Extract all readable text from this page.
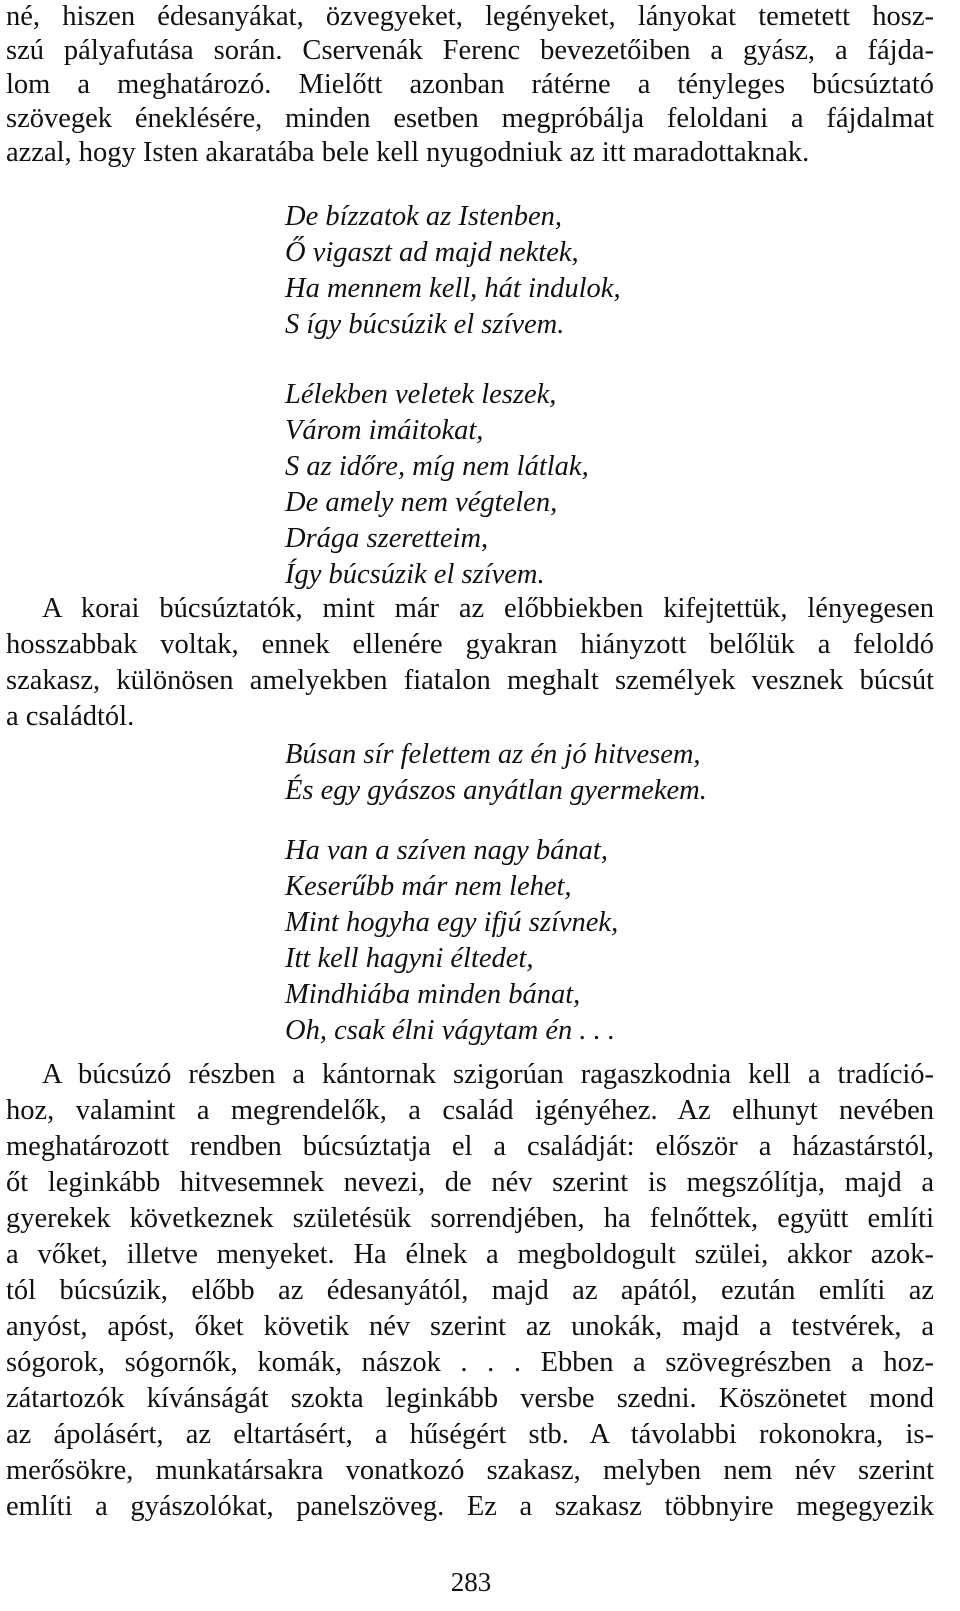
né, hiszen édesanyákat, özvegyeket, legényeket, lányokat temetett hosz-
szú pályafutása során. Cservenák Ferenc bevezetőiben a gyász, a fájda-
lom a meghatározó. Mielőtt azonban rátérne a tényleges búcsúztató
szövegek éneklésére, minden esetben megpróbálja feloldani a fájdalmat
azzal, hogy Isten akaratába bele kell nyugodniuk az itt maradottaknak.
De bízzatok az Istenben,
Ő vigaszt ad majd nektek,
Ha mennem kell, hát indulok,
S így búcsúzik el szívem.
Lélekben veletek leszek,
Várom imáitokat,
S az időre, míg nem látlak,
De amely nem végtelen,
Drága szeretteim,
Így búcsúzik el szívem.
A korai búcsúztatók, mint már az előbbiekben kifejtettük, lényegesen
hosszabbak voltak, ennek ellenére gyakran hiányzott belőlük a feloldó
szakasz, különösen amelyekben fiatalon meghalt személyek vesznek búcsút
a családtól.
Búsan sír felettem az én jó hitvesem,
És egy gyászos anyátlan gyermekem.
Ha van a szíven nagy bánat,
Keserűbb már nem lehet,
Mint hogyha egy ifjú szívnek,
Itt kell hagyni éltedet,
Mindhiába minden bánat,
Oh, csak élni vágytam én . . .
A búcsúzó részben a kántornak szigorúan ragaszkodnia kell a tradíció-
hoz, valamint a megrendelők, a család igényéhez. Az elhunyt nevében
meghatározott rendben búcsúztatja el a családját: először a házastárstól,
őt leginkább hitvesemnek nevezi, de név szerint is megszólítja, majd a
gyerekek következnek születésük sorrendjében, ha felnőttek, együtt említi
a vőket, illetve menyeket. Ha élnek a megboldogult szülei, akkor azok-
tól búcsúzik, előbb az édesanyától, majd az apától, ezután említi az
anyóst, apóst, őket követik név szerint az unokák, majd a testvérek, a
sógorok, sógornők, komák, nászok . . . Ebben a szövegrészben a hoz-
zátartozók kívánságát szokta leginkább versbe szedni. Köszönetet mond
az ápolásért, az eltartásért, a hűségért stb. A távolabbi rokonokra, is-
merősökre, munkatársakra vonatkozó szakasz, melyben nem név szerint
említi a gyászolókat, panelszöveg. Ez a szakasz többnyire megegyezik
283
